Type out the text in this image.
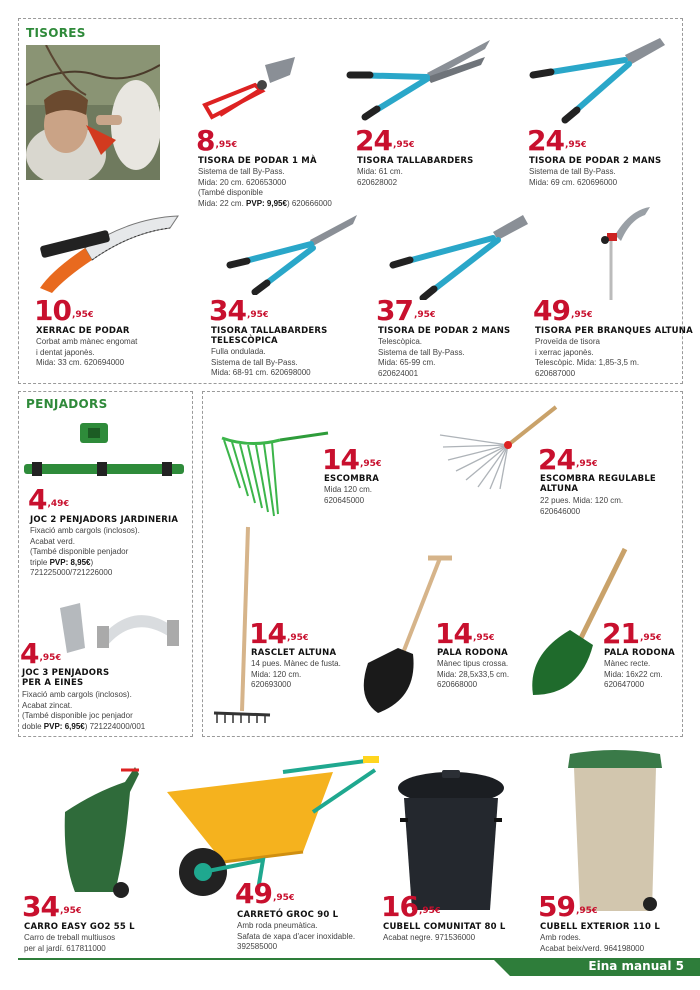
TISORES
PENJADORS
8,95€
TISORA DE PODAR 1 MÀ
Sistema de tall By-Pass.
Mida: 20 cm. 620653000
(També disponible
Mida: 22 cm. PVP: 9,95€) 620666000
24,95€
TISORA TALLABARDERS
Mida: 61 cm.
620628002
24,95€
TISORA DE PODAR 2 MANS
Sistema de tall By-Pass.
Mida: 69 cm. 620696000
10,95€
XERRAC DE PODAR
Corbat amb mànec engomat
i dentat japonès.
Mida: 33 cm. 620694000
34,95€
TISORA TALLABARDERS
TELESCÒPICA
Fulla ondulada.
Sistema de tall By-Pass.
Mida: 68-91 cm. 620698000
37,95€
TISORA DE PODAR 2 MANS
Telescòpica.
Sistema de tall By-Pass.
Mida: 65-99 cm.
620624001
49,95€
TISORA PER BRANQUES ALTUNA
Proveïda de tisora
i xerrac japonès.
Telescòpic. Mida: 1,85-3,5 m.
620687000
4,49€
JOC 2 PENJADORS JARDINERIA
Fixació amb cargols (inclosos).
Acabat verd.
(També disponible penjador
triple PVP: 8,95€)
721225000/721226000
4,95€
JOC 3 PENJADORS
PER A EINES
Fixació amb cargols (inclosos).
Acabat zincat.
(També disponible joc penjador
doble PVP: 6,95€) 721224000/001
14,95€
ESCOMBRA
Mida 120 cm.
620645000
24,95€
ESCOMBRA REGULABLE
ALTUNA
22 pues. Mida: 120 cm.
620646000
14,95€
RASCLET ALTUNA
14 pues. Mànec de fusta.
Mida: 120 cm.
620693000
14,95€
PALA RODONA
Mànec tipus crossa.
Mida: 28,5x33,5 cm.
620668000
21,95€
PALA RODONA
Mànec recte.
Mida: 16x22 cm.
620647000
34,95€
CARRO EASY GO2 55 L
Carro de treball multiusos
per al jardí. 617811000
49,95€
CARRETÓ GROC 90 L
Amb roda pneumàtica.
Safata de xapa d'acer inoxidable.
392585000
16,95€
CUBELL COMUNITAT 80 L
Acabat negre. 971536000
59,95€
CUBELL EXTERIOR 110 L
Amb rodes.
Acabat beix/verd. 964198000
Eina manual 5
